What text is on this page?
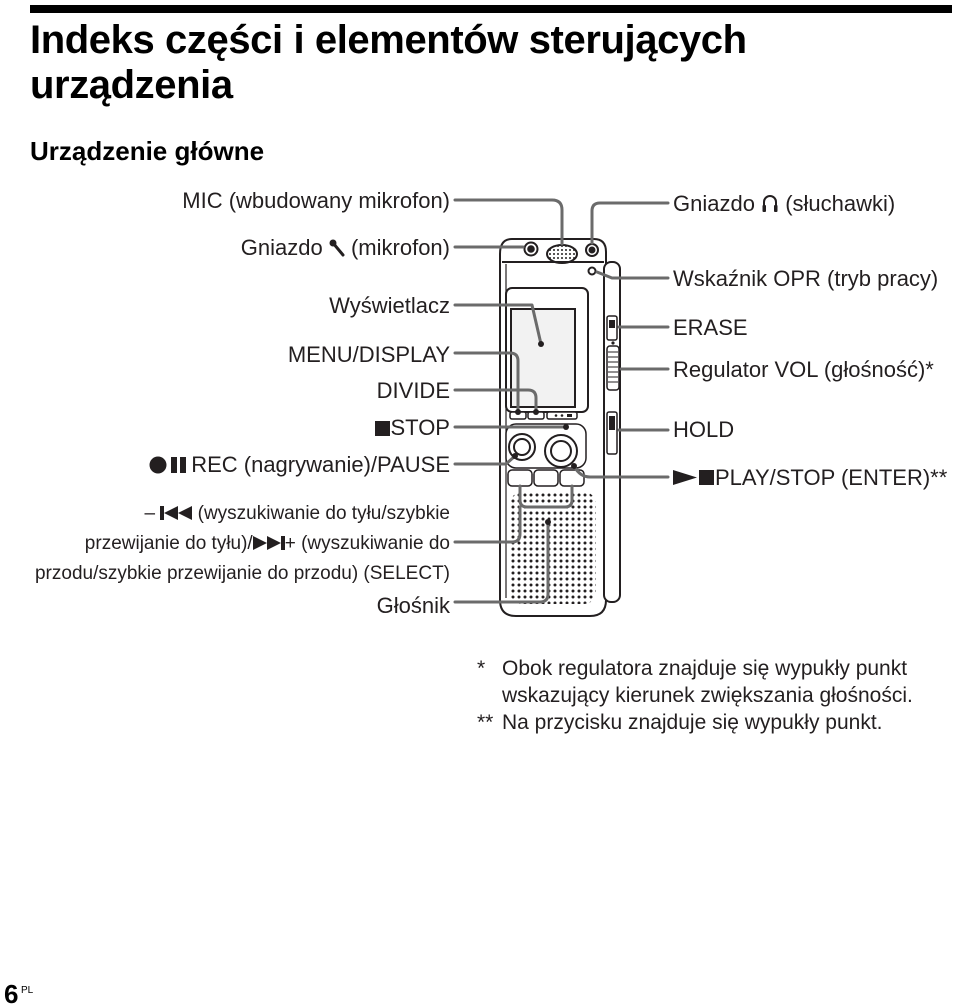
Indeks części i elementów sterujących
urządzenia
Urządzenie główne
MIC (wbudowany mikrofon)
Gniazdo (mikrofon)
Wyświetlacz
MENU/DISPLAY
DIVIDE
STOP
REC (nagrywanie)/PAUSE
– (wyszukiwanie do tyłu/szybkie
przewijanie do tyłu)/ + (wyszukiwanie do
przodu/szybkie przewijanie do przodu) (SELECT)
Głośnik
Gniazdo (słuchawki)
Wskaźnik OPR (tryb pracy)
ERASE
Regulator VOL (głośność)*
HOLD
PLAY/STOP (ENTER)**
* Obok regulatora znajduje się wypukły punkt
wskazujący kierunek zwiększania głośności.
** Na przycisku znajduje się wypukły punkt.
6 PL
